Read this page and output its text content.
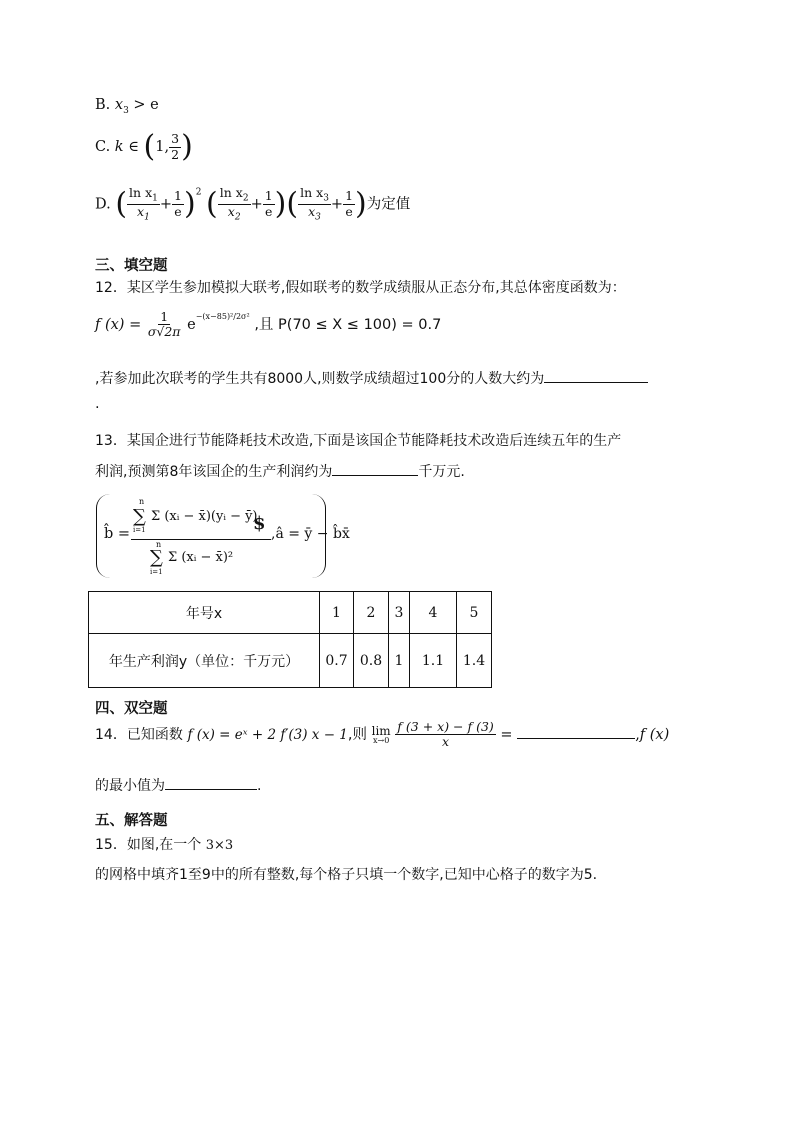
B. $x_3 > e$
C. k ∈ (1, $\frac{3}{2}$ )
D. ( $\frac{\ln x_1}{x_1} + \frac{1}{e} )^2$ ( $\frac{\ln x_2}{x_2} + \frac{1}{e}$ )( $\frac{\ln x_3}{x_3} + \frac{1}{e}$ )为定值
三、填空题
12．某区学生参加模拟大联考,假如联考的数学成绩服从正态分布,其总体密度函数为：
f $(x) = \frac{1}{\sigma√2\pi} e^{-(x-85)^2/2\sigma^2}$ ,且 P(70 ≤ X ≤ 100) = 0.7
,若参加此次联考的学生共有8000人,则数学成绩超过100分的人数大约为
.
13．某国企进行节能降耗技术改造,下面是该国企节能降耗技术改造后连续五年的生产
利润,预测第8年该国企的生产利润约为	千万元.
b̂ =
n
∑
i=1
Σ (xᵢ − x̄)(yᵢ − ȳ)
n
∑
i=1
Σ (xᵢ − x̄)²
,â = ȳ − b̂x̄
$
年号x	1	2	3	4	5
年生产利润y（单位：千万元）	0.7	0.8	1	1.1	1.4
四、双空题
14．已知函数 f (x) = eˣ + 2 f′(3) x − 1,则 lim
x→0
$\frac{f (3 + x) - f (3)}{x}$ =	,f (x)
的最小值为	.
五、解答题
15．如图,在一个 3×3
的网格中填齐1至9中的所有整数,每个格子只填一个数字,已知中心格子的数字为5.
